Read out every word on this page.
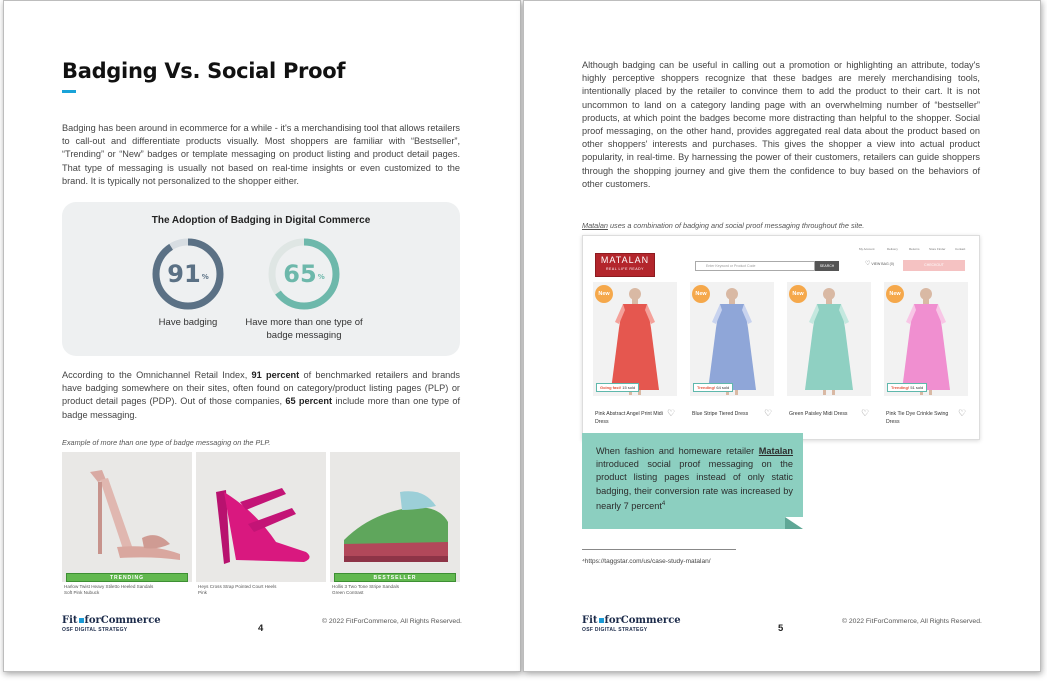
Badging Vs. Social Proof
Badging has been around in ecommerce for a while - it's a merchandising tool that allows retailers to call-out and differentiate products visually. Most shoppers are familiar with “Bestseller”, “Trending” or “New” badges or template messaging on product listing and product detail pages. That type of messaging is usually not based on real-time insights or even customized to the brand. It is typically not personalized to the shopper either.
The Adoption of Badging in Digital Commerce
91 %
Have badging
65 %
Have more than one type of badge messaging
According to the Omnichannel Retail Index, 91 percent of benchmarked retailers and brands have badging somewhere on their sites, often found on category/product listing pages (PLP) or product detail pages (PDP). Out of those companies, 65 percent include more than one type of badge messaging.
Example of more than one type of badge messaging on the PLP.
TRENDING	BESTSELLER
Harlow Twist Heavy Stiletto Heeled Sandals
Soft Pink Nubuck
Heys Cross Strap Pointed Court Heels
Pink
Hollis 3 Two Tone Stripe Sandals
Green Contrast
Fit forCommerce
OSF DIGITAL STRATEGY	4
© 2022 FitForCommerce, All Rights Reserved.
Although badging can be useful in calling out a promotion or highlighting an attribute, today's highly perceptive shoppers recognize that these badges are merely merchandising tools, intentionally placed by the retailer to convince them to add the product to their cart. It is not uncommon to land on a category landing page with an overwhelming number of “bestseller” products, at which point the badges become more distracting than helpful to the shopper. Social proof messaging, on the other hand, provides aggregated real data about the product based on other shoppers' interests and purchases. This gives the shopper a view into actual product popularity, in real-time. By harnessing the power of their customers, retailers can guide shoppers through the shopping journey and give them the confidence to buy based on the behaviors of other customers.
Matalan uses a combination of badging and social proof messaging throughout the site.
MATALAN
REAL LIFE READY
My Account	Delivery	Returns	Store Finder	Contact
Enter Keyword or Product Code	SEARCH	♡ VIEW BAG (0)	CHECKOUT
New
Going fast! 15 sold
Pink Abstract Angel Print Midi Dress
♡
New
Trending! 64 sold
Blue Stripe Tiered Dress	♡
New
Green Paisley Midi Dress	♡
New
Trending! 51 sold
Pink Tie Dye Crinkle Swing Dress
♡
When fashion and homeware retailer Matalan introduced social proof messaging on the product listing pages instead of only static badging, their conversion rate was increased by nearly 7 percent$^4$
⁴https://taggstar.com/us/case-study-matalan/
Fit forCommerce
OSF DIGITAL STRATEGY	5
© 2022 FitForCommerce, All Rights Reserved.
